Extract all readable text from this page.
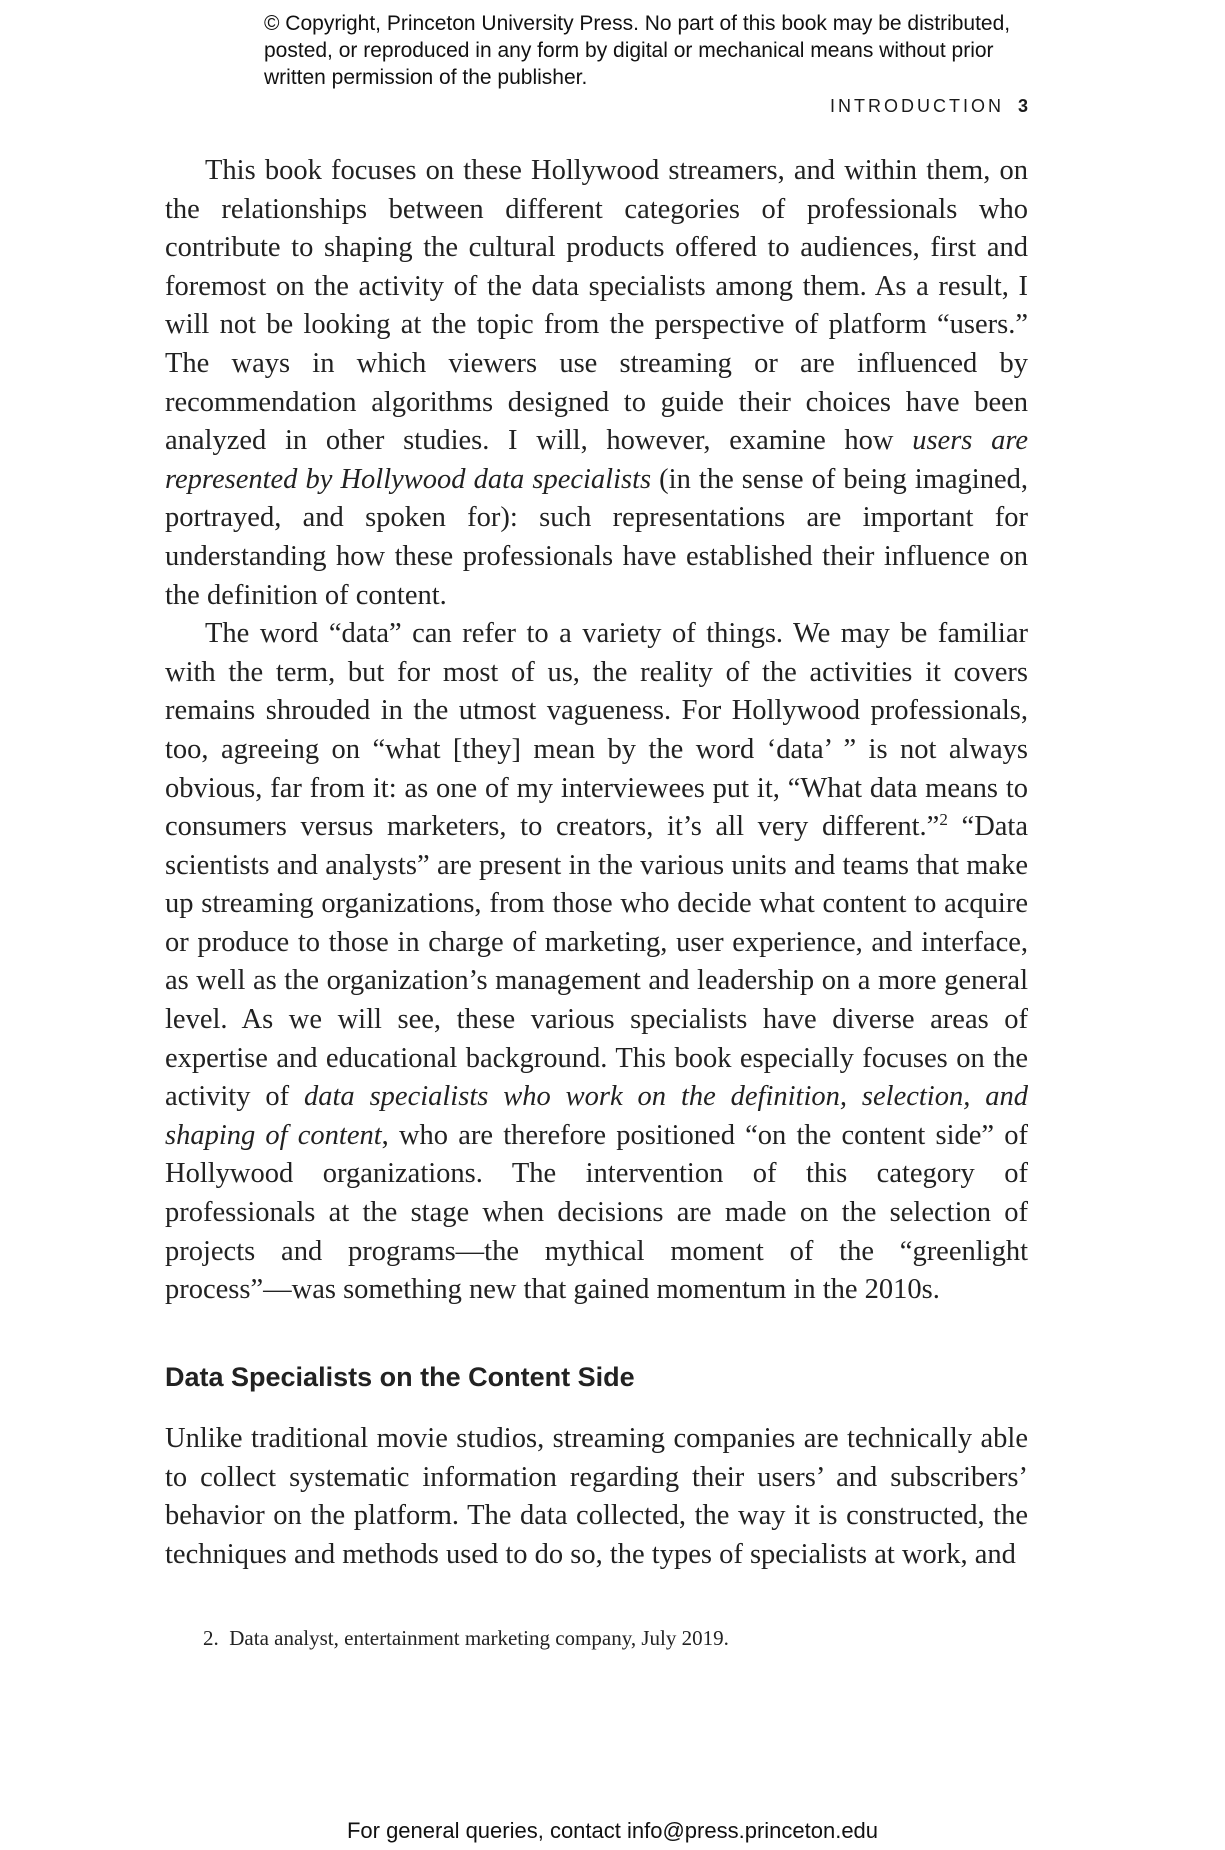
© Copyright, Princeton University Press. No part of this book may be distributed, posted, or reproduced in any form by digital or mechanical means without prior written permission of the publisher.
INTRODUCTION 3

This book focuses on these Hollywood streamers, and within them, on the relationships between different categories of professionals who contribute to shaping the cultural products offered to audiences, first and foremost on the activity of the data specialists among them. As a result, I will not be looking at the topic from the perspective of platform “users.” The ways in which viewers use streaming or are influenced by recommendation algorithms designed to guide their choices have been analyzed in other studies. I will, however, examine how users are represented by Hollywood data specialists (in the sense of being imagined, portrayed, and spoken for): such representations are important for understanding how these professionals have established their influence on the definition of content.

The word “data” can refer to a variety of things. We may be familiar with the term, but for most of us, the reality of the activities it covers remains shrouded in the utmost vagueness. For Hollywood professionals, too, agreeing on “what [they] mean by the word ‘data’ ” is not always obvious, far from it: as one of my interviewees put it, “What data means to consumers versus marketers, to creators, it’s all very different.”$^2$ “Data scientists and analysts” are present in the various units and teams that make up streaming organizations, from those who decide what content to acquire or produce to those in charge of marketing, user experience, and interface, as well as the organization’s management and leadership on a more general level. As we will see, these various specialists have diverse areas of expertise and educational background. This book especially focuses on the activity of data specialists who work on the definition, selection, and shaping of content, who are therefore positioned “on the content side” of Hollywood organizations. The intervention of this category of professionals at the stage when decisions are made on the selection of projects and programs—the mythical moment of the “greenlight process”—was something new that gained momentum in the 2010s.

Data Specialists on the Content Side

Unlike traditional movie studios, streaming companies are technically able to collect systematic information regarding their users’ and subscribers’ behavior on the platform. The data collected, the way it is constructed, the techniques and methods used to do so, the types of specialists at work, and

2. Data analyst, entertainment marketing company, July 2019.
For general queries, contact info@press.princeton.edu
